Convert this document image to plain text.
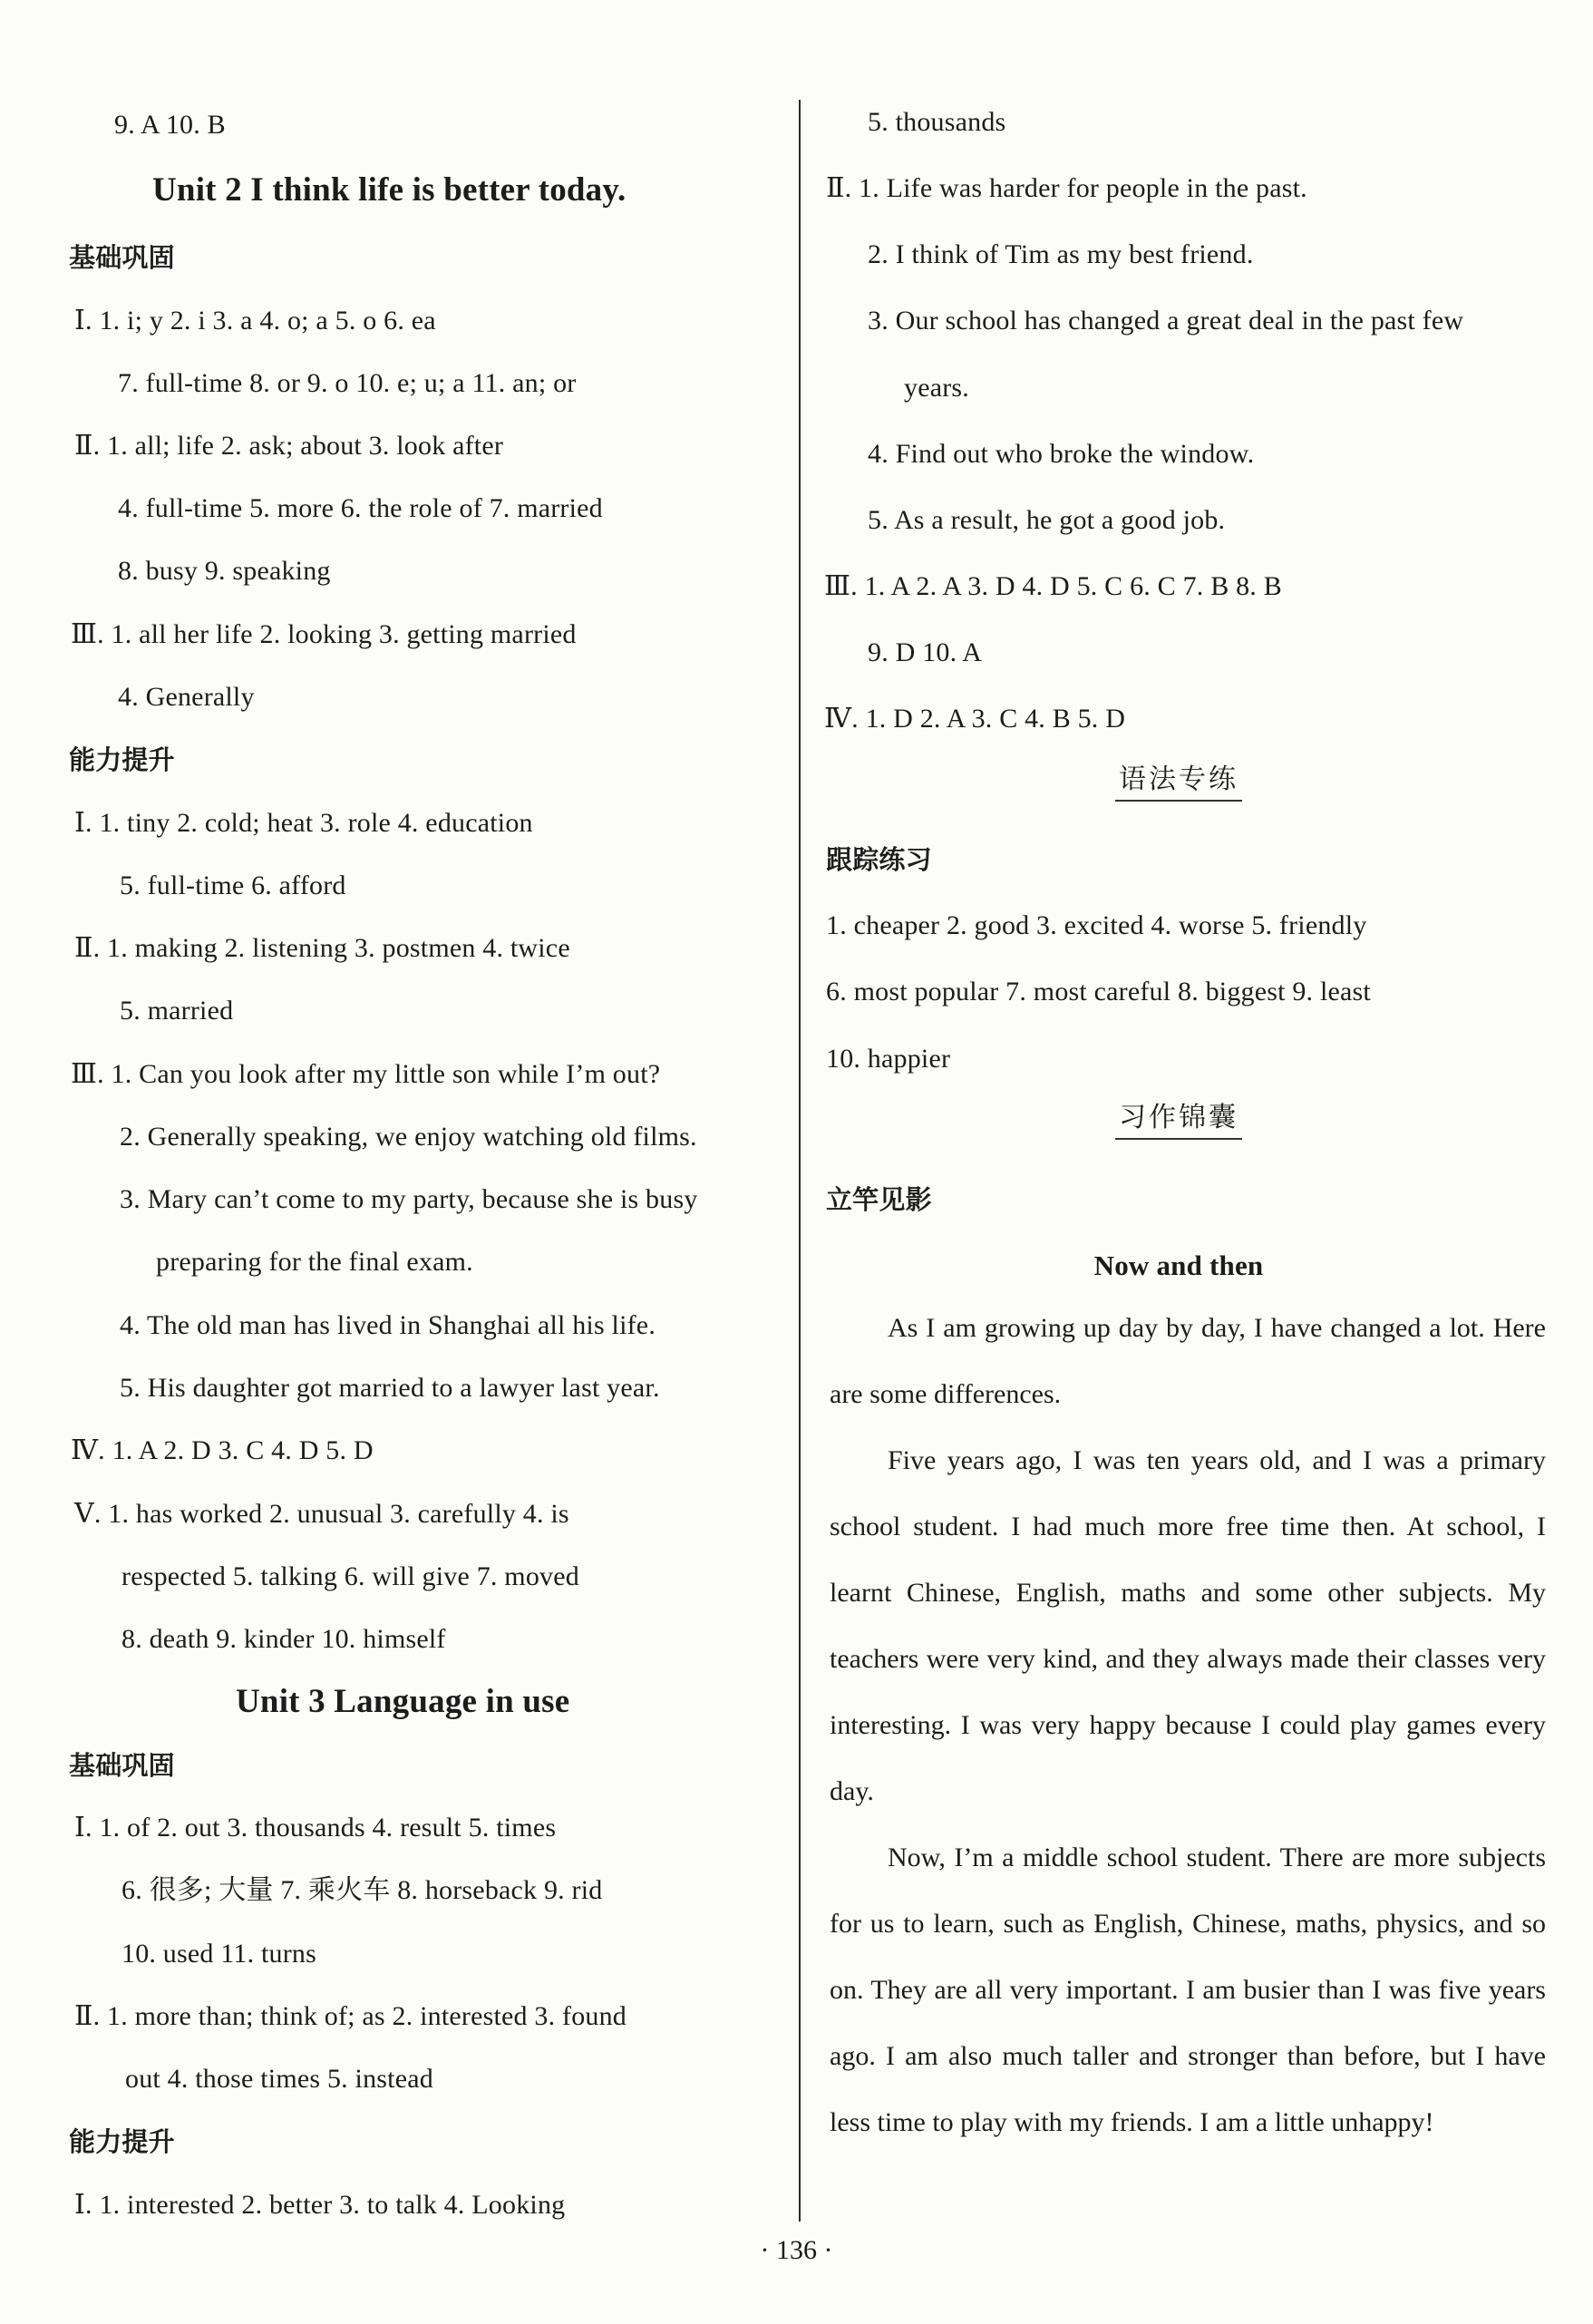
9. A 10. B
Unit 2 I think life is better today.
基础巩固
Ⅰ. 1. i; y 2. i 3. a 4. o; a 5. o 6. ea
7. full-time 8. or 9. o 10. e; u; a 11. an; or
Ⅱ. 1. all; life 2. ask; about 3. look after
4. full-time 5. more 6. the role of 7. married
8. busy 9. speaking
Ⅲ. 1. all her life 2. looking 3. getting married
4. Generally
能力提升
Ⅰ. 1. tiny 2. cold; heat 3. role 4. education
5. full-time 6. afford
Ⅱ. 1. making 2. listening 3. postmen 4. twice
5. married
Ⅲ. 1. Can you look after my little son while I’m out?
2. Generally speaking, we enjoy watching old films.
3. Mary can’t come to my party, because she is busy
preparing for the final exam.
4. The old man has lived in Shanghai all his life.
5. His daughter got married to a lawyer last year.
Ⅳ. 1. A 2. D 3. C 4. D 5. D
Ⅴ. 1. has worked 2. unusual 3. carefully 4. is
respected 5. talking 6. will give 7. moved
8. death 9. kinder 10. himself
Unit 3 Language in use
基础巩固
Ⅰ. 1. of 2. out 3. thousands 4. result 5. times
6. 很多; 大量 7. 乘火车 8. horseback 9. rid
10. used 11. turns
Ⅱ. 1. more than; think of; as 2. interested 3. found
out 4. those times 5. instead
能力提升
Ⅰ. 1. interested 2. better 3. to talk 4. Looking
语法专练
习作锦囊
Now and then
As I am growing up day by day, I have changed a lot. Here are some differences.
Five years ago, I was ten years old, and I was a primary school student. I had much more free time then. At school, I learnt Chinese, English, maths and some other subjects. My teachers were very kind, and they always made their classes very interesting. I was very happy because I could play games every day.
Now, I’m a middle school student. There are more subjects for us to learn, such as English, Chinese, maths, physics, and so on. They are all very important. I am busier than I was five years ago. I am also much taller and stronger than before, but I have less time to play with my friends. I am a little unhappy!
5. thousands
Ⅱ. 1. Life was harder for people in the past.
2. I think of Tim as my best friend.
3. Our school has changed a great deal in the past few
years.
4. Find out who broke the window.
5. As a result, he got a good job.
Ⅲ. 1. A 2. A 3. D 4. D 5. C 6. C 7. B 8. B
9. D 10. A
Ⅳ. 1. D 2. A 3. C 4. B 5. D
跟踪练习
1. cheaper 2. good 3. excited 4. worse 5. friendly
6. most popular 7. most careful 8. biggest 9. least
10. happier
立竿见影
· 136 ·
